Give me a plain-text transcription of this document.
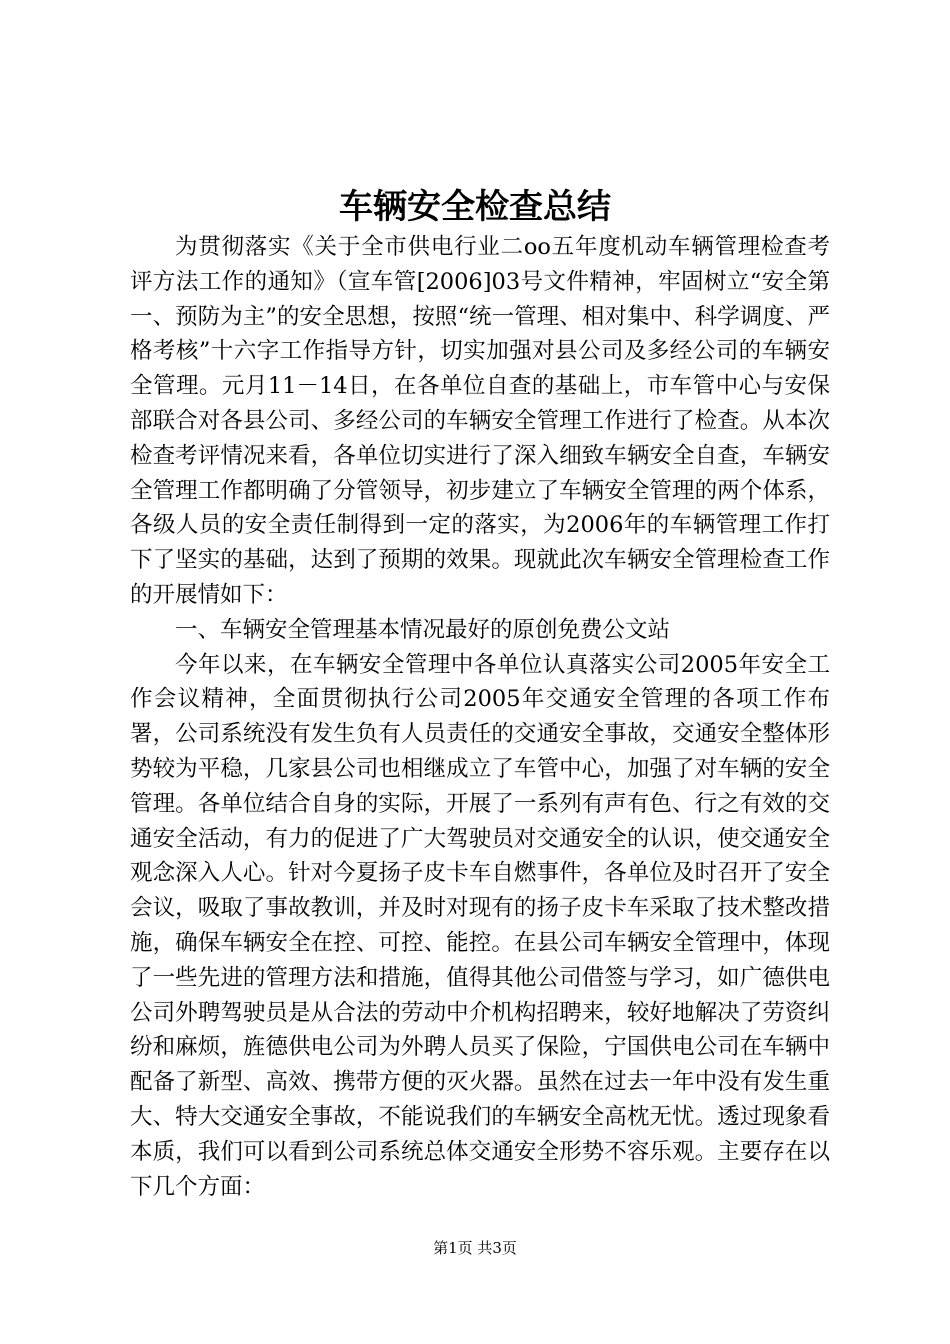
车辆安全检查总结

为贯彻落实《关于全市供电行业二oo五年度机动车辆管理检查考评方法工作的通知》（宣车管[2006]03号文件精神，牢固树立“安全第一、预防为主”的安全思想，按照“统一管理、相对集中、科学调度、严格考核”十六字工作指导方针，切实加强对县公司及多经公司的车辆安全管理。元月11－14日，在各单位自查的基础上，市车管中心与安保部联合对各县公司、多经公司的车辆安全管理工作进行了检查。从本次检查考评情况来看，各单位切实进行了深入细致车辆安全自查，车辆安全管理工作都明确了分管领导，初步建立了车辆安全管理的两个体系，各级人员的安全责任制得到一定的落实，为2006年的车辆管理工作打下了坚实的基础，达到了预期的效果。现就此次车辆安全管理检查工作的开展情如下：

一、车辆安全管理基本情况最好的原创免费公文站

今年以来，在车辆安全管理中各单位认真落实公司2005年安全工作会议精神，全面贯彻执行公司2005年交通安全管理的各项工作布署，公司系统没有发生负有人员责任的交通安全事故，交通安全整体形势较为平稳，几家县公司也相继成立了车管中心，加强了对车辆的安全管理。各单位结合自身的实际，开展了一系列有声有色、行之有效的交通安全活动，有力的促进了广大驾驶员对交通安全的认识，使交通安全观念深入人心。针对今夏扬子皮卡车自燃事件，各单位及时召开了安全会议，吸取了事故教训，并及时对现有的扬子皮卡车采取了技术整改措施，确保车辆安全在控、可控、能控。在县公司车辆安全管理中，体现了一些先进的管理方法和措施，值得其他公司借签与学习，如广德供电公司外聘驾驶员是从合法的劳动中介机构招聘来，较好地解决了劳资纠纷和麻烦，旌德供电公司为外聘人员买了保险，宁国供电公司在车辆中配备了新型、高效、携带方便的灭火器。虽然在过去一年中没有发生重大、特大交通安全事故，不能说我们的车辆安全高枕无忧。透过现象看本质，我们可以看到公司系统总体交通安全形势不容乐观。主要存在以下几个方面：

第1页 共3页
